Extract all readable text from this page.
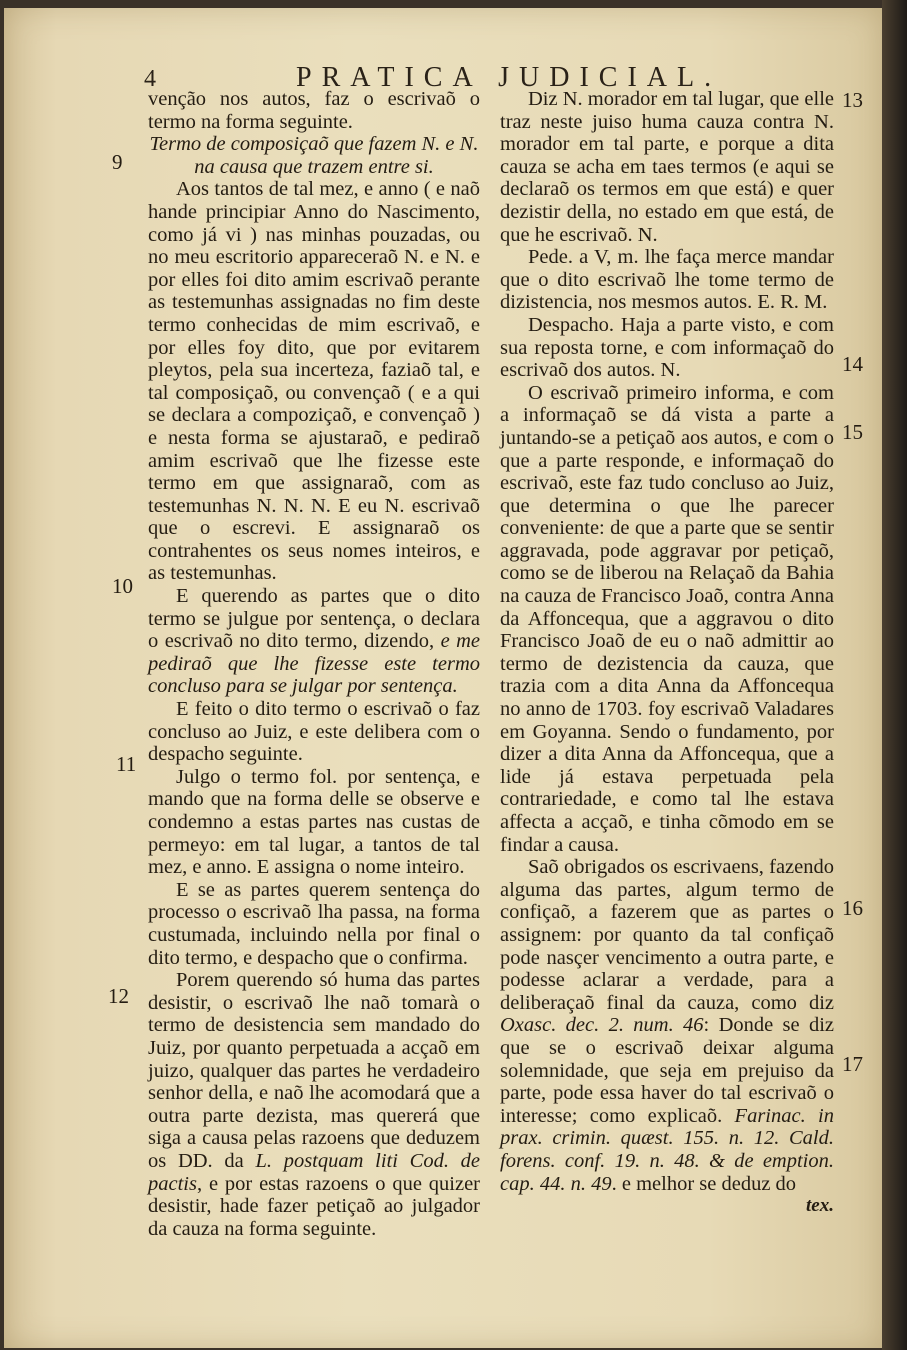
4	PRATICA JUDICIAL.

venção nos autos, faz o escrivaõ o termo na forma seguinte.

Termo de composiçaõ que fazem N. e N. na causa que trazem entre si.

Aos tantos de tal mez, e anno ( e naõ hande principiar Anno do Nascimento, como já vi ) nas minhas pouzadas, ou no meu escritorio appareceraõ N. e N. e por elles foi dito amim escrivaõ perante as testemunhas assignadas no fim deste termo conhecidas de mim escrivaõ, e por elles foy dito, que por evitarem pleytos, pela sua incerteza, faziaõ tal, e tal composiçaõ, ou convençaõ ( e a qui se declara a compoziçaõ, e convençaõ ) e nesta forma se ajustaraõ, e pediraõ amim escrivaõ que lhe fizesse este termo em que assignaraõ, com as testemunhas N. N. N. E eu N. escrivaõ que o escrevi. E assignaraõ os contrahentes os seus nomes inteiros, e as testemunhas.

E querendo as partes que o dito termo se julgue por sentença, o declara o escrivaõ no dito termo, dizendo, e me pediraõ que lhe fizesse este termo concluso para se julgar por sentença.

E feito o dito termo o escrivaõ o faz concluso ao Juiz, e este delibera com o despacho seguinte.

Julgo o termo fol. por sentença, e mando que na forma delle se observe e condemno a estas partes nas custas de permeyo: em tal lugar, a tantos de tal mez, e anno. E assigna o nome inteiro.

E se as partes querem sentença do processo o escrivaõ lha passa, na forma custumada, incluindo nella por final o dito termo, e despacho que o confirma.

Porem querendo só huma das partes desistir, o escrivaõ lhe naõ tomarà o termo de desistencia sem mandado do Juiz, por quanto perpetuada a acçaõ em juizo, qualquer das partes he verdadeiro senhor della, e naõ lhe acomodará que a outra parte dezista, mas quererá que siga a causa pelas razoens que deduzem os DD. da L. postquam liti Cod. de pactis, e por estas razoens o que quizer desistir, hade fazer petiçaõ ao julgador da cauza na forma seguinte.

Diz N. morador em tal lugar, que elle traz neste juiso huma cauza contra N. morador em tal parte, e porque a dita cauza se acha em taes termos (e aqui se declaraõ os termos em que está) e quer dezistir della, no estado em que está, de que he escrivaõ. N.

Pede. a V, m. lhe faça merce mandar que o dito escrivaõ lhe tome termo de dizistencia, nos mesmos autos. E. R. M.

Despacho. Haja a parte visto, e com sua reposta torne, e com informaçaõ do escrivaõ dos autos. N.

O escrivaõ primeiro informa, e com a informaçaõ se dá vista a parte a juntando-se a petiçaõ aos autos, e com o que a parte responde, e informaçaõ do escrivaõ, este faz tudo concluso ao Juiz, que determina o que lhe parecer conveniente: de que a parte que se sentir aggravada, pode aggravar por petiçaõ, como se de liberou na Relaçaõ da Bahia na cauza de Francisco Joaõ, contra Anna da Affoncequa, que a aggravou o dito Francisco Joaõ de eu o naõ admittir ao termo de dezistencia da cauza, que trazia com a dita Anna da Affoncequa no anno de 1703. foy escrivaõ Valadares em Goyanna. Sendo o fundamento, por dizer a dita Anna da Affoncequa, que a lide já estava perpetuada pela contrariedade, e como tal lhe estava affecta a acçaõ, e tinha cõmodo em se findar a causa.

Saõ obrigados os escrivaens, fazendo alguma das partes, algum termo de confiçaõ, a fazerem que as partes o assignem: por quanto da tal confiçaõ pode nasçer vencimento a outra parte, e podesse aclarar a verdade, para a deliberaçaõ final da cauza, como diz Oxasc. dec. 2. num. 46: Donde se diz que se o escrivaõ deixar alguma solemnidade, que seja em prejuiso da parte, pode essa haver do tal escrivaõ o interesse; como explicaõ. Farinac. in prax. crimin. quæst. 155. n. 12. Cald. forens. conf. 19. n. 48. & de emption. cap. 44. n. 49. e melhor se deduz do

tex.

9
10
11
12
13
14
15
16
17
